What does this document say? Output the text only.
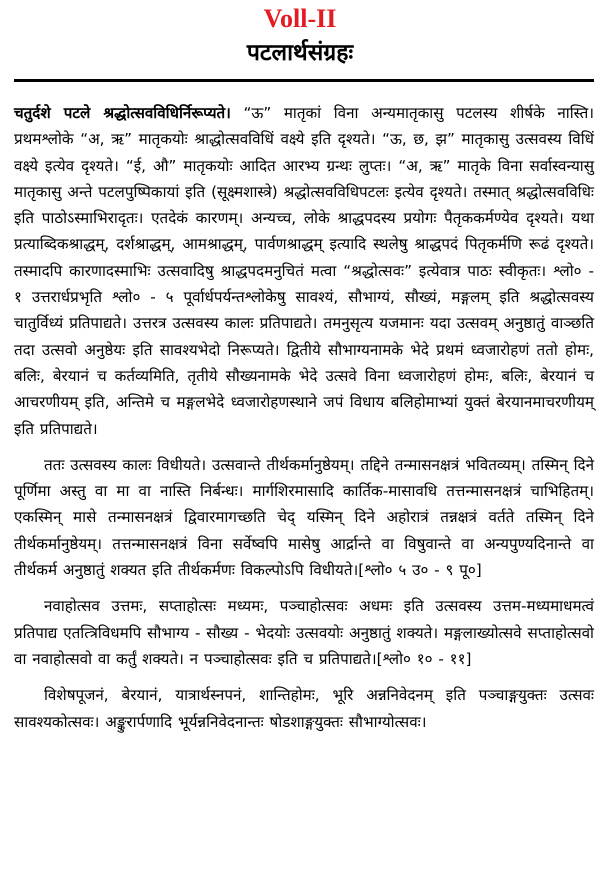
Voll-II
पटलार्थसंग्रहः

चतुर्दशे पटले श्रद्धोत्सवविधिर्निरूप्यते। “ऊ” मातृकां विना अन्यमातृकासु पटलस्य शीर्षके नास्ति। प्रथमश्लोके “अ, ऋ” मातृकयोः श्राद्धोत्सवविधिं वक्ष्ये इति दृश्यते। “ऊ, छ, झ” मातृकासु उत्सवस्य विधिं वक्ष्ये इत्येव दृश्यते। “ई, औ” मातृकयोः आदित आरभ्य ग्रन्थः लुप्तः। “अ, ऋ” मातृके विना सर्वास्वन्यासु मातृकासु अन्ते पटलपुष्पिकायां इति (सूक्ष्मशास्त्रे) श्रद्धोत्सवविधिपटलः इत्येव दृश्यते। तस्मात् श्रद्धोत्सवविधिः इति पाठोऽस्माभिरादृतः। एतदेकं कारणम्। अन्यच्च, लोके श्राद्धपदस्य प्रयोगः पैतृककर्मण्येव दृश्यते। यथा प्रत्याब्दिकश्राद्धम्, दर्शश्राद्धम्, आमश्राद्धम्, पार्वणश्राद्धम् इत्यादि स्थलेषु श्राद्धपदं पितृकर्मणि रूढं दृश्यते। तस्मादपि कारणादस्माभिः उत्सवादिषु श्राद्धपदमनुचितं मत्वा “श्रद्धोत्सवः” इत्येवात्र पाठः स्वीकृतः। श्लो० - १ उत्तरार्धप्रभृति श्लो० - ५ पूर्वार्धपर्यन्तश्लोकेषु सावश्यं, सौभाग्यं, सौख्यं, मङ्गलम् इति श्रद्धोत्सवस्य चातुर्विध्यं प्रतिपाद्यते। उत्तरत्र उत्सवस्य कालः प्रतिपाद्यते। तमनुसृत्य यजमानः यदा उत्सवम् अनुष्ठातुं वाञ्छति तदा उत्सवो अनुष्ठेयः इति सावश्यभेदो निरूप्यते। द्वितीये सौभाग्यनामके भेदे प्रथमं ध्वजारोहणं ततो होमः, बलिः, बेरयानं च कर्तव्यमिति, तृतीये सौख्यनामके भेदे उत्सवे विना ध्वजारोहणं होमः, बलिः, बेरयानं च आचरणीयम् इति, अन्तिमे च मङ्गलभेदे ध्वजारोहणस्थाने जपं विधाय बलिहोमाभ्यां युक्तं बेरयानमाचरणीयम् इति प्रतिपाद्यते।

ततः उत्सवस्य कालः विधीयते। उत्सवान्ते तीर्थकर्मानुष्ठेयम्। तद्दिने तन्मासनक्षत्रं भवितव्यम्। तस्मिन् दिने पूर्णिमा अस्तु वा मा वा नास्ति निर्बन्धः। मार्गशिरमासादि कार्तिक-मासावधि तत्तन्मासनक्षत्रं चाभिहितम्। एकस्मिन् मासे तन्मासनक्षत्रं द्विवारमागच्छति चेद् यस्मिन् दिने अहोरात्रं तन्नक्षत्रं वर्तते तस्मिन् दिने तीर्थकर्मानुष्ठेयम्। तत्तन्मासनक्षत्रं विना सर्वेष्वपि मासेषु आर्द्रान्ते वा विषुवान्ते वा अन्यपुण्यदिनान्ते वा तीर्थकर्म अनुष्ठातुं शक्यत इति तीर्थकर्मणः विकल्पोऽपि विधीयते।[श्लो० ५ उ० - ९ पू०]

नवाहोत्सव उत्तमः, सप्ताहोत्सः मध्यमः, पञ्चाहोत्सवः अधमः इति उत्सवस्य उत्तम-मध्यमाधमत्वं प्रतिपाद्य एतत्त्रिविधमपि सौभाग्य - सौख्य - भेदयोः उत्सवयोः अनुष्ठातुं शक्यते। मङ्गलाख्योत्सवे सप्ताहोत्सवो वा नवाहोत्सवो वा कर्तुं शक्यते। न पञ्चाहोत्सवः इति च प्रतिपाद्यते।[श्लो० १० - ११]

विशेषपूजनं, बेरयानं, यात्रार्थस्नपनं, शान्तिहोमः, भूरि अन्ननिवेदनम् इति पञ्चाङ्गयुक्तः उत्सवः सावश्यकोत्सवः। अङ्कुरार्पणादि भूर्यन्ननिवेदनान्तः षोडशाङ्गयुक्तः सौभाग्योत्सवः।
